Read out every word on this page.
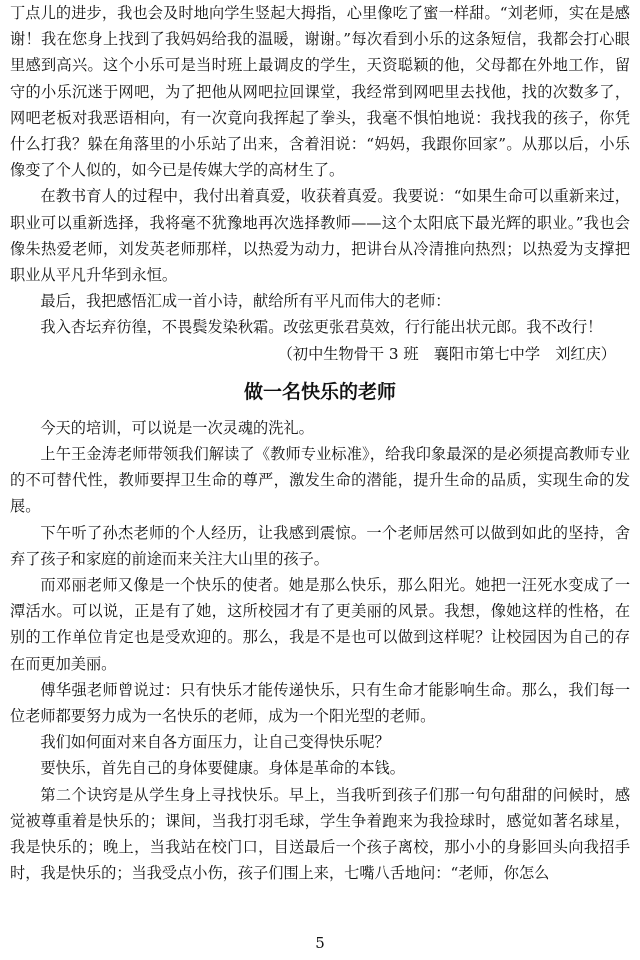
丁点儿的进步，我也会及时地向学生竖起大拇指，心里像吃了蜜一样甜。“刘老师，实在是感谢！我在您身上找到了我妈妈给我的温暖，谢谢。”每次看到小乐的这条短信，我都会打心眼里感到高兴。这个小乐可是当时班上最调皮的学生，天资聪颖的他，父母都在外地工作，留守的小乐沉迷于网吧，为了把他从网吧拉回课堂，我经常到网吧里去找他，找的次数多了，网吧老板对我恶语相向，有一次竟向我挥起了拳头，我毫不惧怕地说：我找我的孩子，你凭什么打我？躲在角落里的小乐站了出来，含着泪说：“妈妈，我跟你回家”。从那以后，小乐像变了个人似的，如今已是传媒大学的高材生了。

在教书育人的过程中，我付出着真爱，收获着真爱。我要说：“如果生命可以重新来过，职业可以重新选择，我将毫不犹豫地再次选择教师——这个太阳底下最光辉的职业。”我也会像朱热爱老师，刘发英老师那样，以热爱为动力，把讲台从冷清推向热烈；以热爱为支撑把职业从平凡升华到永恒。

最后，我把感悟汇成一首小诗，献给所有平凡而伟大的老师：

我入杏坛弃彷徨，不畏鬓发染秋霜。改弦更张君莫效，行行能出状元郎。我不改行！

（初中生物骨干 3 班　襄阳市第七中学　刘红庆）

做一名快乐的老师

今天的培训，可以说是一次灵魂的洗礼。

上午王金涛老师带领我们解读了《教师专业标准》，给我印象最深的是必须提高教师专业的不可替代性，教师要捍卫生命的尊严，激发生命的潜能，提升生命的品质，实现生命的发展。

下午听了孙杰老师的个人经历，让我感到震惊。一个老师居然可以做到如此的坚持，舍弃了孩子和家庭的前途而来关注大山里的孩子。

而邓丽老师又像是一个快乐的使者。她是那么快乐，那么阳光。她把一汪死水变成了一潭活水。可以说，正是有了她，这所校园才有了更美丽的风景。我想，像她这样的性格，在别的工作单位肯定也是受欢迎的。那么，我是不是也可以做到这样呢？让校园因为自己的存在而更加美丽。

傅华强老师曾说过：只有快乐才能传递快乐，只有生命才能影响生命。那么，我们每一位老师都要努力成为一名快乐的老师，成为一个阳光型的老师。

我们如何面对来自各方面压力，让自己变得快乐呢？

要快乐，首先自己的身体要健康。身体是革命的本钱。

第二个诀窍是从学生身上寻找快乐。早上，当我听到孩子们那一句句甜甜的问候时，感觉被尊重着是快乐的；课间，当我打羽毛球，学生争着跑来为我捡球时，感觉如著名球星，我是快乐的；晚上，当我站在校门口，目送最后一个孩子离校，那小小的身影回头向我招手时，我是快乐的；当我受点小伤，孩子们围上来，七嘴八舌地问：“老师，你怎么

5
